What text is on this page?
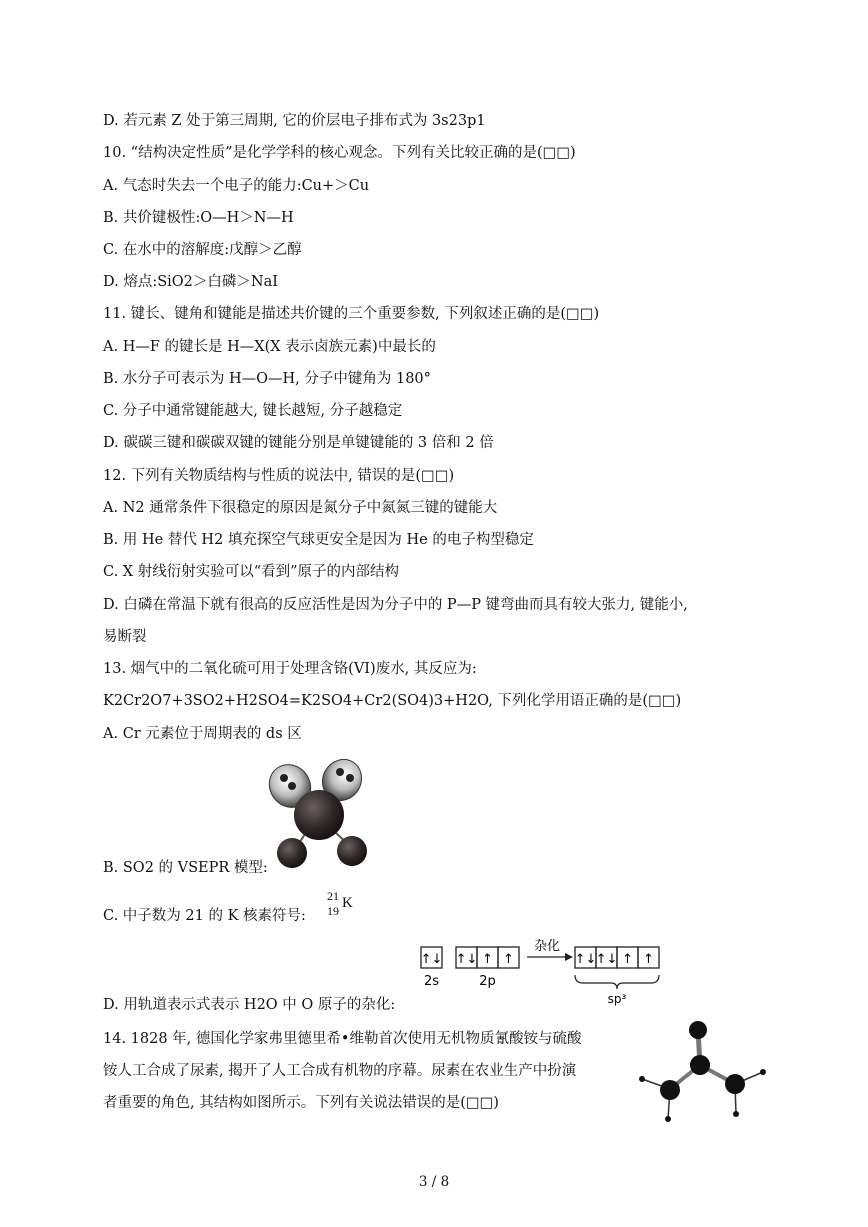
D. 若元素 Z 处于第三周期, 它的价层电子排布式为 3s23p1
10. “结构决定性质”是化学学科的核心观念。下列有关比较正确的是(□□)
A. 气态时失去一个电子的能力:Cu+＞Cu
B. 共价键极性:O—H＞N—H
C. 在水中的溶解度:戊醇＞乙醇
D. 熔点:SiO2＞白磷＞NaI
11. 键长、键角和键能是描述共价键的三个重要参数, 下列叙述正确的是(□□)
A. H—F 的键长是 H—X(X 表示卤族元素)中最长的
B. 水分子可表示为 H—O—H, 分子中键角为 180°
C. 分子中通常键能越大, 键长越短, 分子越稳定
D. 碳碳三键和碳碳双键的键能分别是单键键能的 3 倍和 2 倍
12. 下列有关物质结构与性质的说法中, 错误的是(□□)
A. N2 通常条件下很稳定的原因是氮分子中氮氮三键的键能大
B. 用 He 替代 H2 填充探空气球更安全是因为 He 的电子构型稳定
C. X 射线衍射实验可以“看到”原子的内部结构
D. 白磷在常温下就有很高的反应活性是因为分子中的 P—P 键弯曲而具有较大张力, 键能小,
易断裂
13. 烟气中的二氧化硫可用于处理含铬(VI)废水, 其反应为:
K2Cr2O7+3SO2+H2SO4=K2SO4+Cr2(SO4)3+H2O, 下列化学用语正确的是(□□)
A. Cr 元素位于周期表的 ds 区
B. SO2 的 VSEPR 模型:
C. 中子数为 21 的 K 核素符号:
D. 用轨道表示式表示 H2O 中 O 原子的杂化:
14. 1828 年, 德国化学家弗里德里希•维勒首次使用无机物质氰酸铵与硫酸
铵人工合成了尿素, 揭开了人工合成有机物的序幕。尿素在农业生产中扮演
者重要的角色, 其结构如图所示。下列有关说法错误的是(□□)
21
19 K
↑↓
2s
↑↓ ↑ ↑
2p
杂化
↑↓ ↑↓ ↑ ↑
sp³
3 / 8
